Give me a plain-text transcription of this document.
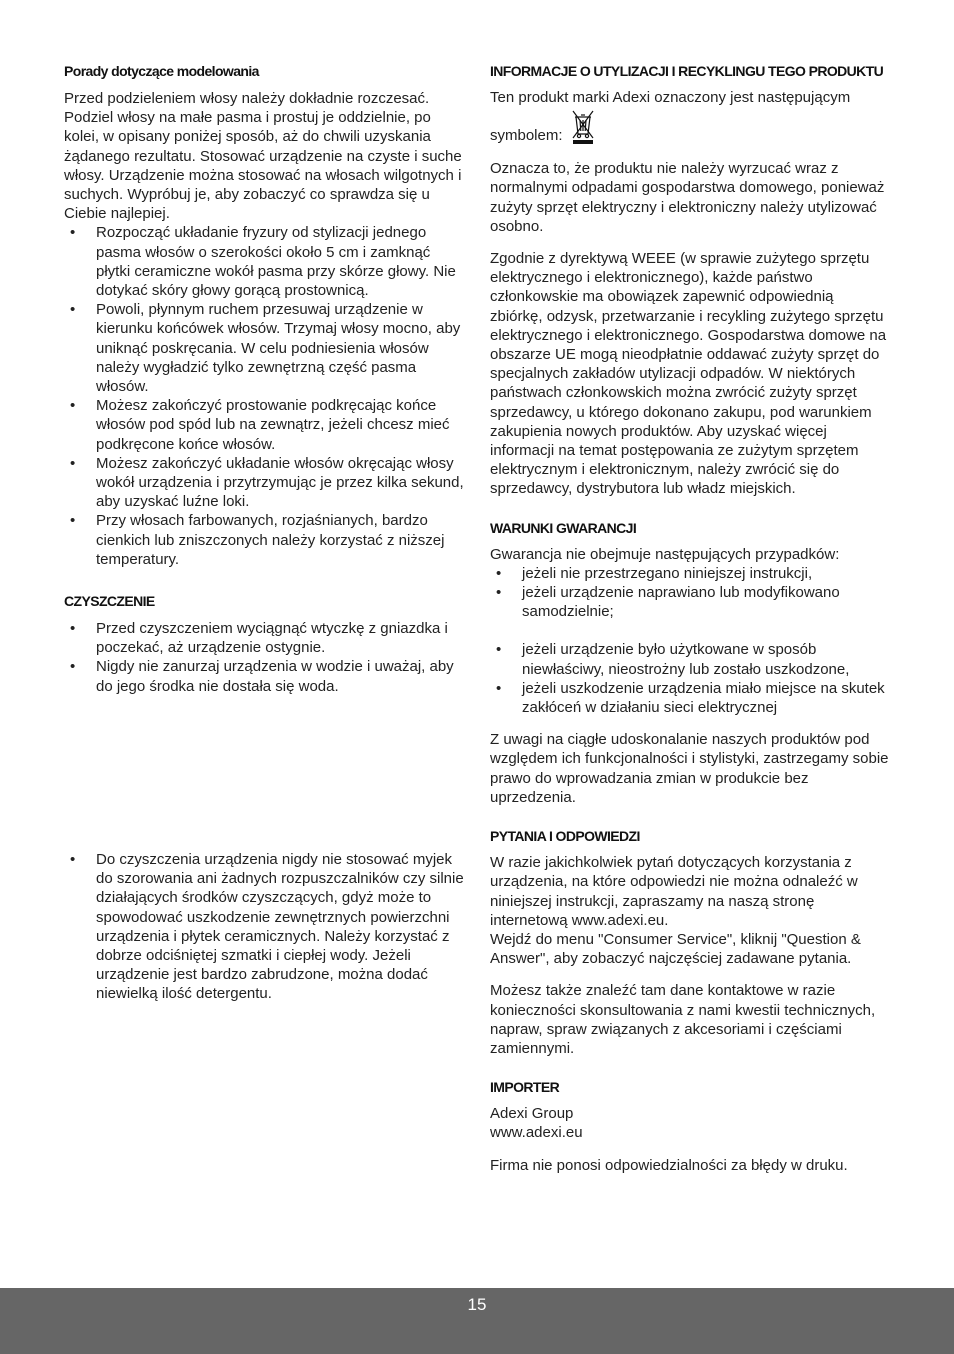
Porady dotyczące modelowania

Przed podzieleniem włosy należy dokładnie rozczesać. Podziel włosy na małe pasma i prostuj je oddzielnie, po kolei, w opisany poniżej sposób, aż do chwili uzyskania żądanego rezultatu. Stosować urządzenie na czyste i suche włosy. Urządzenie można stosować na włosach wilgotnych i suchych. Wypróbuj je, aby zobaczyć co sprawdza się u Ciebie najlepiej.

• Rozpocząć układanie fryzury od stylizacji jednego pasma włosów o szerokości około 5 cm i zamknąć płytki ceramiczne wokół pasma przy skórze głowy. Nie dotykać skóry głowy gorącą prostownicą.
• Powoli, płynnym ruchem przesuwaj urządzenie w kierunku końcówek włosów. Trzymaj włosy mocno, aby uniknąć poskręcania. W celu podniesienia włosów należy wygładzić tylko zewnętrzną część pasma włosów.
• Możesz zakończyć prostowanie podkręcając końce włosów pod spód lub na zewnątrz, jeżeli chcesz mieć podkręcone końce włosów.
• Możesz zakończyć układanie włosów okręcając włosy wokół urządzenia i przytrzymując je przez kilka sekund, aby uzyskać luźne loki.
• Przy włosach farbowanych, rozjaśnianych, bardzo cienkich lub zniszczonych należy korzystać z niższej temperatury.
CZYSZCZENIE
• Przed czyszczeniem wyciągnąć wtyczkę z gniazdka i poczekać, aż urządzenie ostygnie.
• Nigdy nie zanurzaj urządzenia w wodzie i uważaj, aby do jego środka nie dostała się woda.
• Do czyszczenia urządzenia nigdy nie stosować myjek do szorowania ani żadnych rozpuszczalników czy silnie działających środków czyszczących, gdyż może to spowodować uszkodzenie zewnętrznych powierzchni urządzenia i płytek ceramicznych. Należy korzystać z dobrze odciśniętej szmatki i ciepłej wody. Jeżeli urządzenie jest bardzo zabrudzone, można dodać niewielką ilość detergentu.
INFORMACJE O UTYLIZACJI I RECYKLINGU TEGO PRODUKTU

Ten produkt marki Adexi oznaczony jest następującym

symbolem:

Oznacza to, że produktu nie należy wyrzucać wraz z normalnymi odpadami gospodarstwa domowego, ponieważ zużyty sprzęt elektryczny i elektroniczny należy utylizować osobno.

Zgodnie z dyrektywą WEEE (w sprawie zużytego sprzętu elektrycznego i elektronicznego), każde państwo członkowskie ma obowiązek zapewnić odpowiednią zbiórkę, odzysk, przetwarzanie i recykling zużytego sprzętu elektrycznego i elektronicznego. Gospodarstwa domowe na obszarze UE mogą nieodpłatnie oddawać zużyty sprzęt do specjalnych zakładów utylizacji odpadów. W niektórych państwach członkowskich można zwrócić zużyty sprzęt sprzedawcy, u którego dokonano zakupu, pod warunkiem zakupienia nowych produktów. Aby uzyskać więcej informacji na temat postępowania ze zużytym sprzętem elektrycznym i elektronicznym, należy zwrócić się do sprzedawcy, dystrybutora lub władz miejskich.

WARUNKI GWARANCJI

Gwarancja nie obejmuje następujących przypadków:

• jeżeli nie przestrzegano niniejszej instrukcji,
• jeżeli urządzenie naprawiano lub modyfikowano samodzielnie;
• jeżeli urządzenie było użytkowane w sposób niewłaściwy, nieostrożny lub zostało uszkodzone,
• jeżeli uszkodzenie urządzenia miało miejsce na skutek zakłóceń w działaniu sieci elektrycznej

Z uwagi na ciągłe udoskonalanie naszych produktów pod względem ich funkcjonalności i stylistyki, zastrzegamy sobie prawo do wprowadzania zmian w produkcie bez uprzedzenia.

PYTANIA I ODPOWIEDZI

W razie jakichkolwiek pytań dotyczących korzystania z urządzenia, na które odpowiedzi nie można odnaleźć w niniejszej instrukcji, zapraszamy na naszą stronę internetową www.adexi.eu.

Wejdź do menu "Consumer Service", kliknij "Question & Answer", aby zobaczyć najczęściej zadawane pytania.

Możesz także znaleźć tam dane kontaktowe w razie konieczności skonsultowania z nami kwestii technicznych, napraw, spraw związanych z akcesoriami i częściami zamiennymi.

IMPORTER

Adexi Group

www.adexi.eu

Firma nie ponosi odpowiedzialności za błędy w druku.

15
